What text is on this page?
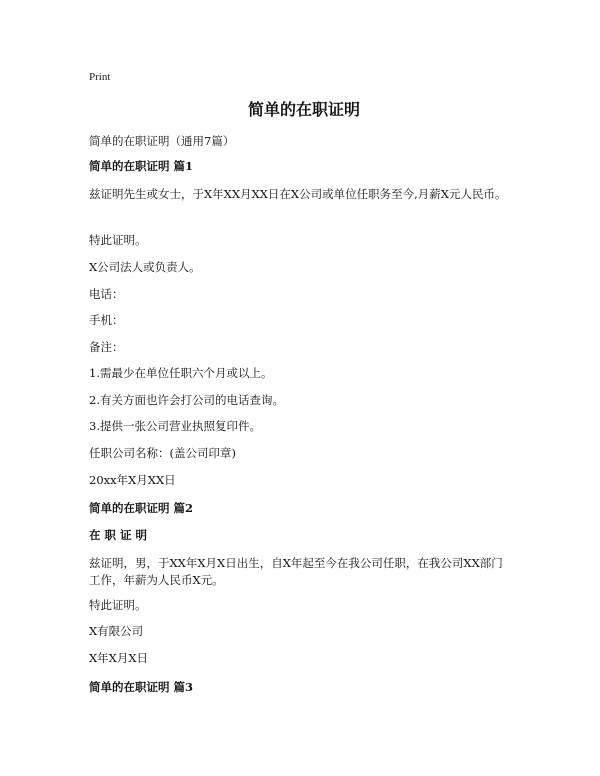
Print
简单的在职证明
简单的在职证明（通用7篇）
简单的在职证明 篇1
兹证明先生或女士，于X年XX月XX日在X公司或单位任职务至今,月薪X元人民币。
特此证明。
X公司法人或负责人。
电话：
手机：
备注：
1.需最少在单位任职六个月或以上。
2.有关方面也许会打公司的电话查询。
3.提供一张公司营业执照复印件。
任职公司名称：(盖公司印章)
20xx年X月XX日
简单的在职证明 篇2
在 职 证 明
兹证明，男，于XX年X月X日出生，自X年起至今在我公司任职，在我公司XX部门工作，年薪为人民币X元。
特此证明。
X有限公司
X年X月X日
简单的在职证明 篇3
